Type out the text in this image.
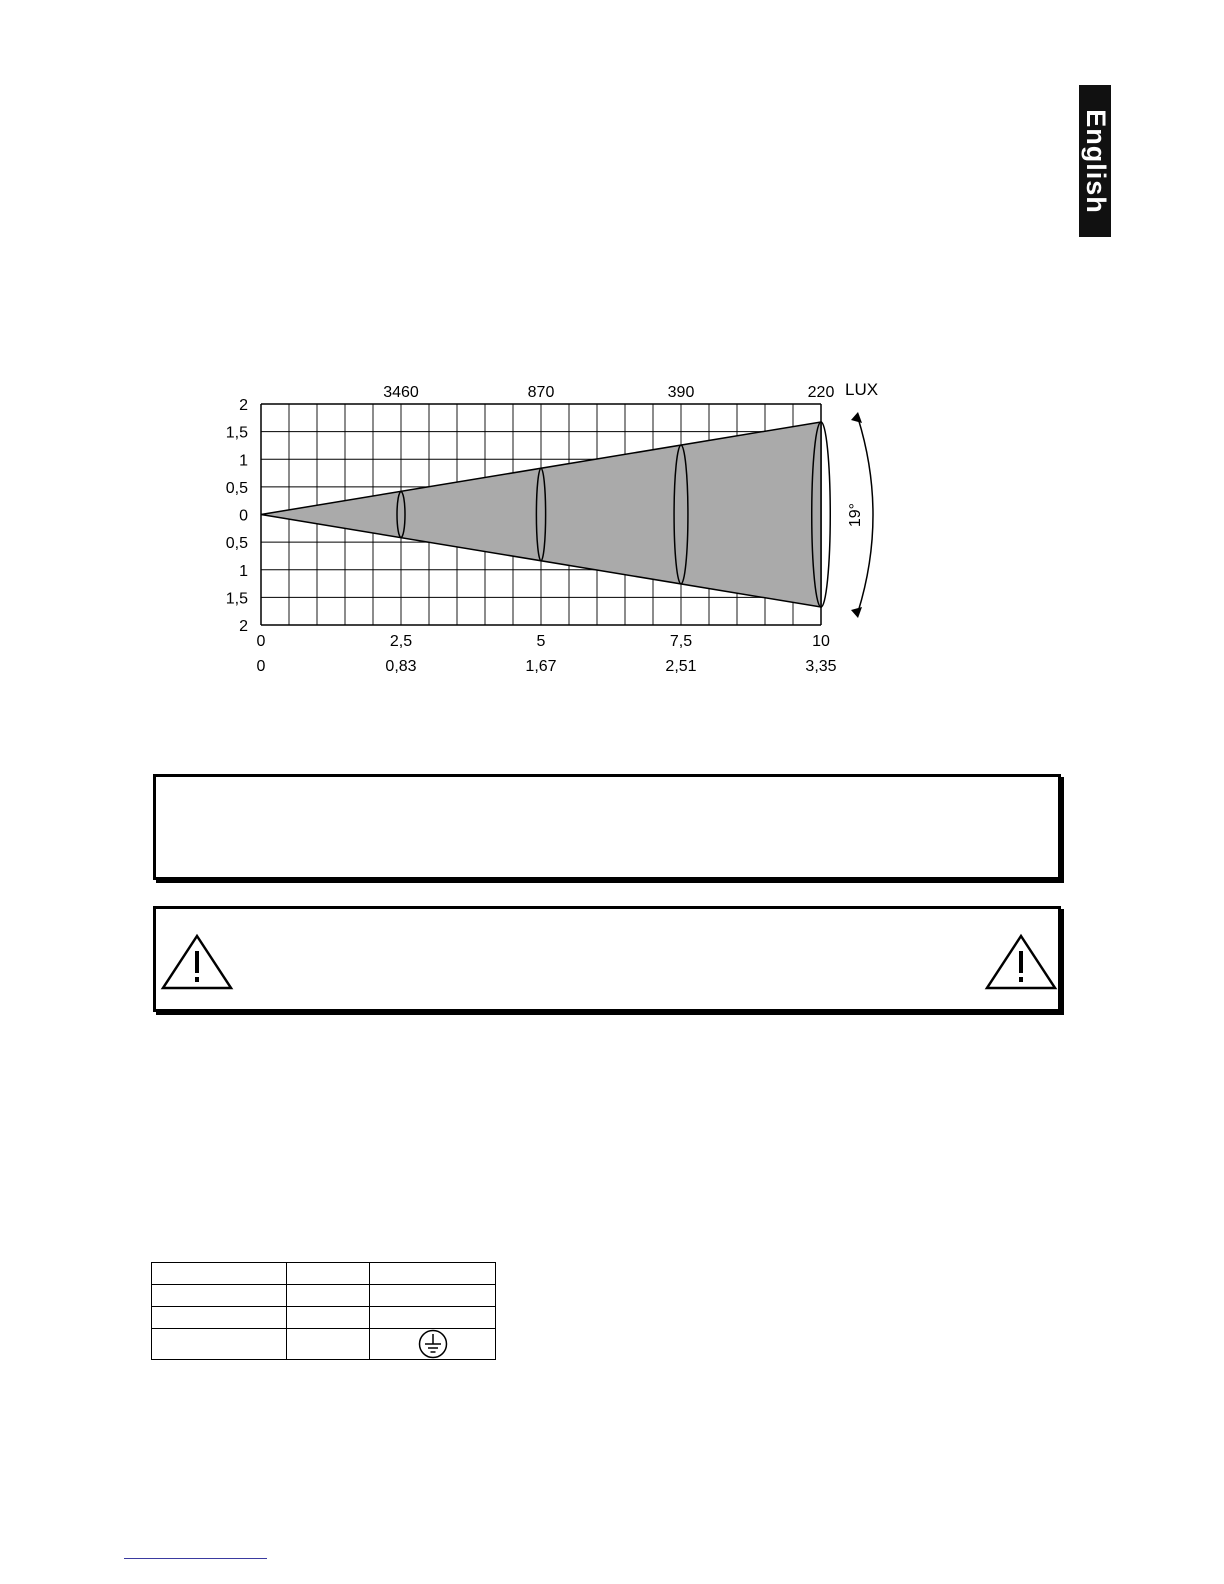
English
2
1,5
1
0,5
0
0,5
1
1,5
2
0	2,5	5	7,5	10
0	0,83	1,67	2,51	3,35
3460	870	390	220 LUX
19°
